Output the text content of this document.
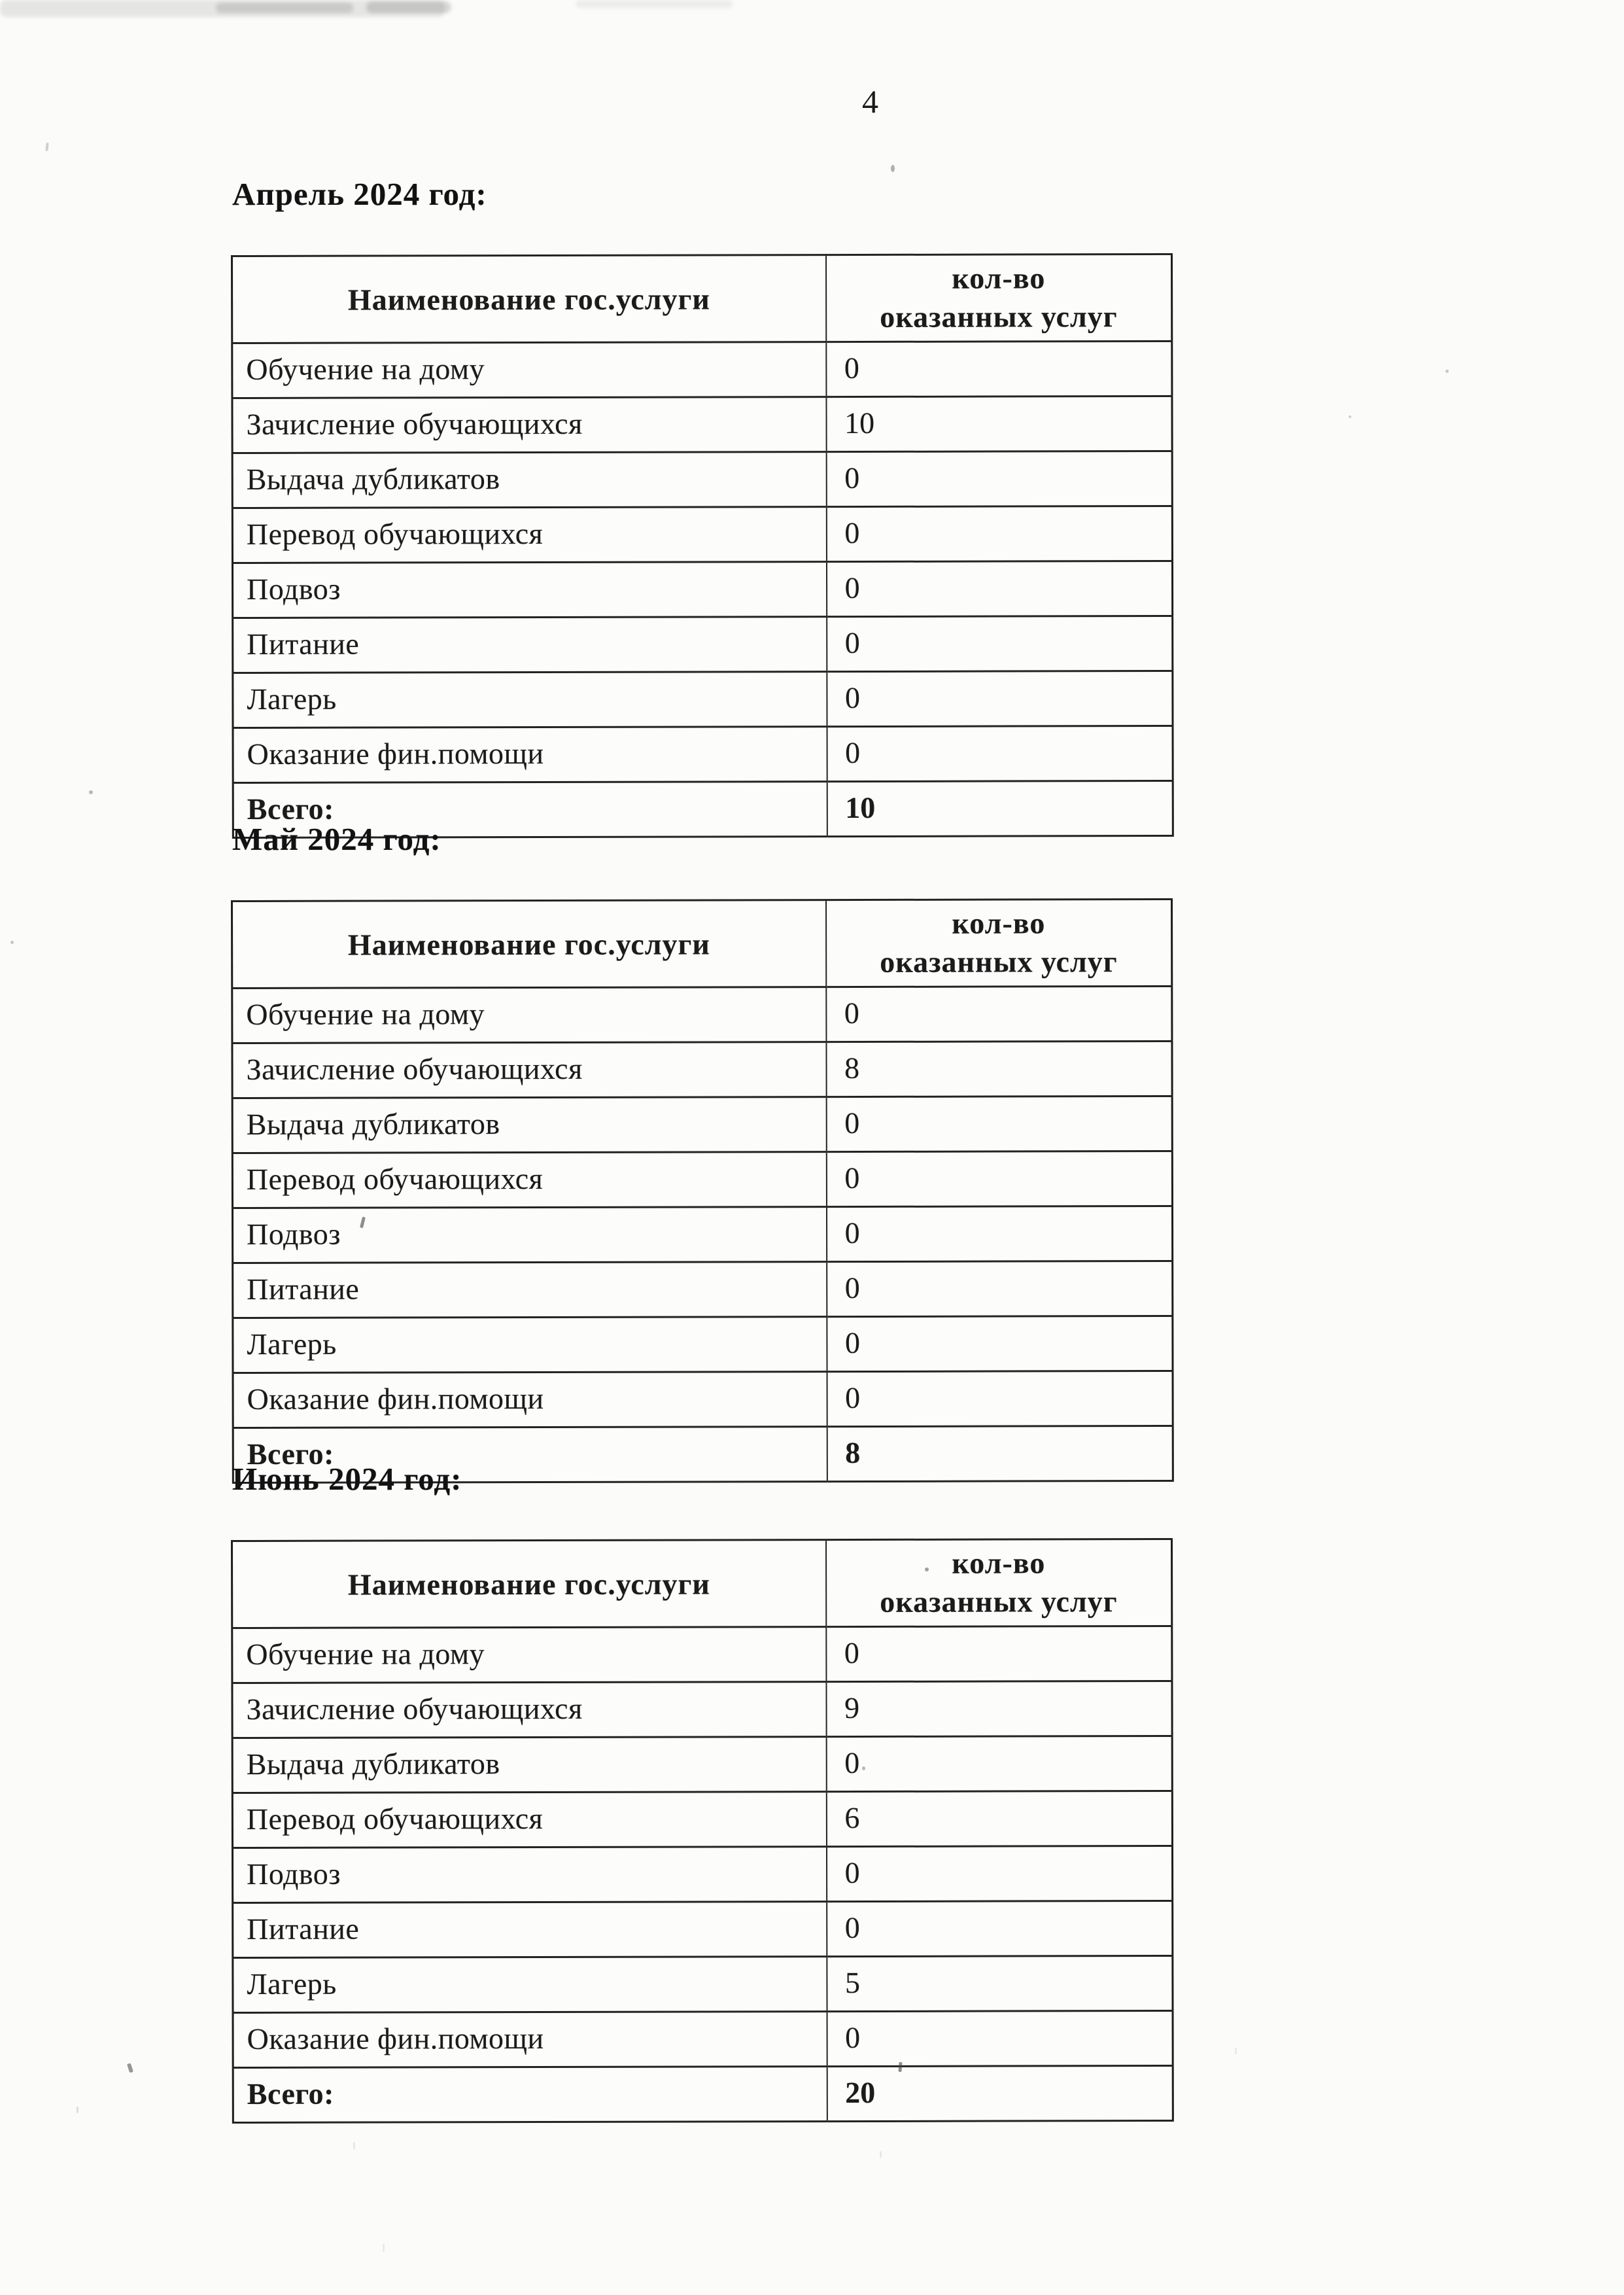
4
Апрель 2024 год:
Наименование гос.услуги	кол-во
оказанных услуг

Обучение на дому	0
Зачисление обучающихся	10
Выдача дубликатов	0
Перевод обучающихся	0
Подвоз	0
Питание	0
Лагерь	0
Оказание фин.помощи	0
Всего:	10
Май 2024 год:
Наименование гос.услуги	кол-во
оказанных услуг

Обучение на дому	0
Зачисление обучающихся	8
Выдача дубликатов	0
Перевод обучающихся	0
Подвоз	0
Питание	0
Лагерь	0
Оказание фин.помощи	0
Всего:	8
Июнь 2024 год:
Наименование гос.услуги	кол-во
оказанных услуг

Обучение на дому	0
Зачисление обучающихся	9
Выдача дубликатов	0
Перевод обучающихся	6
Подвоз	0
Питание	0
Лагерь	5
Оказание фин.помощи	0
Всего:	20
